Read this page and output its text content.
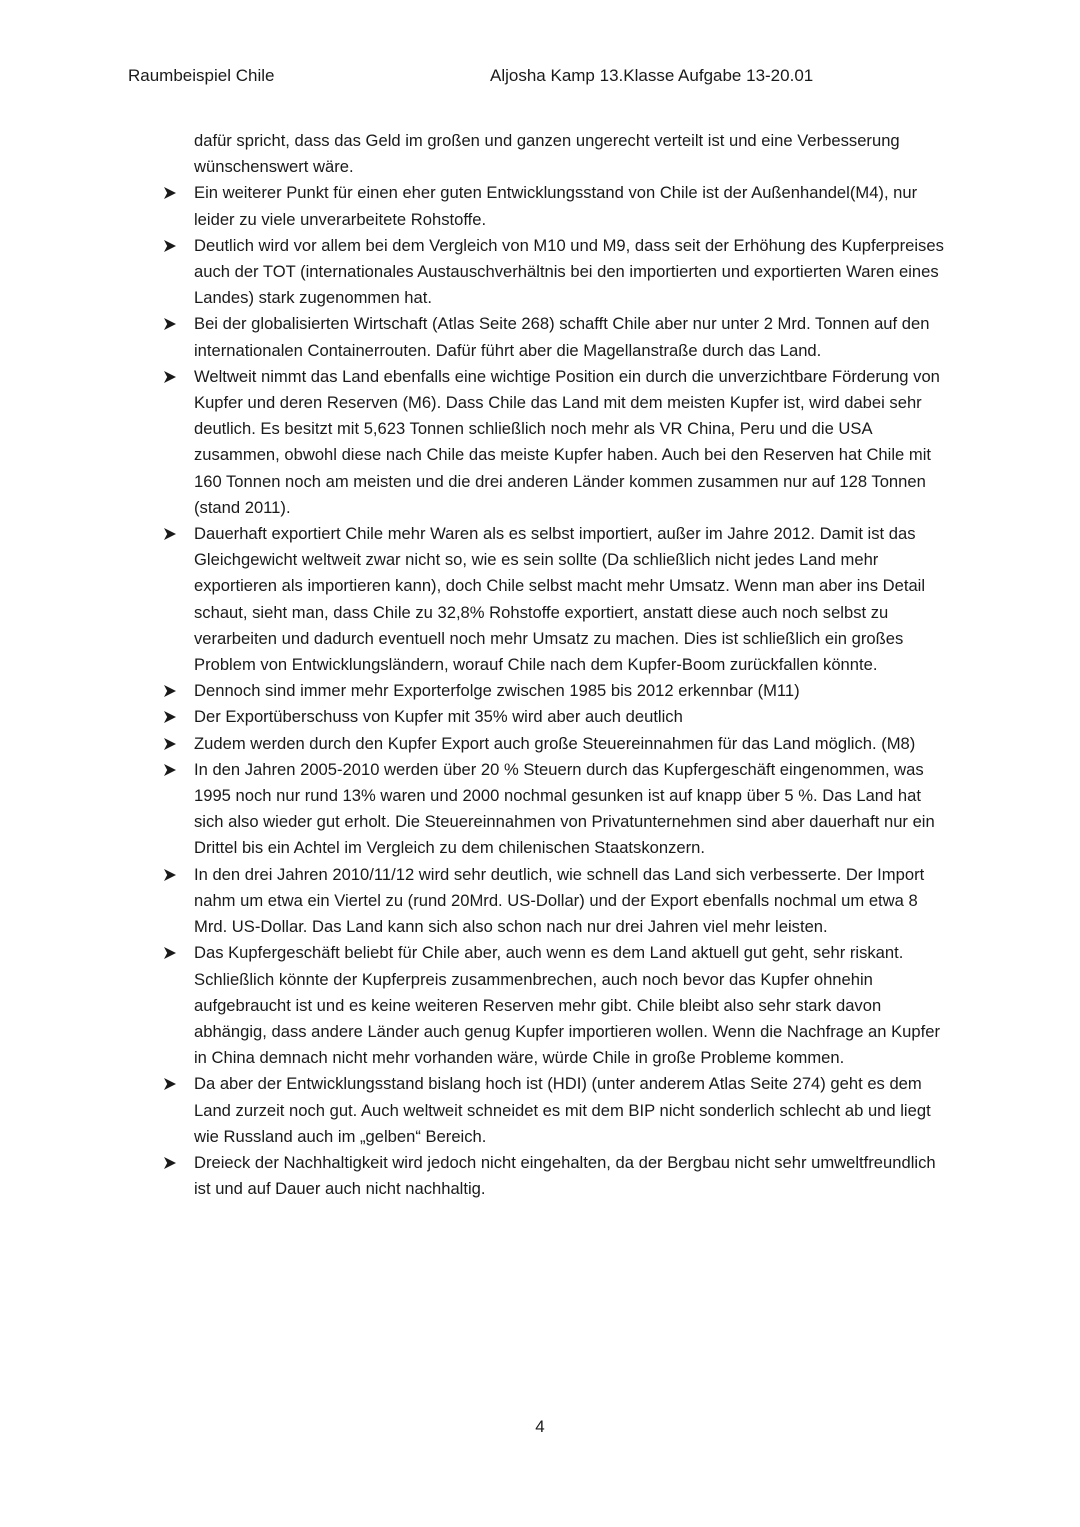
Raumbeispiel Chile	Aljosha Kamp 13.Klasse Aufgabe 13-20.01

dafür spricht, dass das Geld im großen und ganzen ungerecht verteilt ist und eine Verbesserung wünschenswert wäre.

Ein weiterer Punkt für einen eher guten Entwicklungsstand von Chile ist der Außenhandel(M4), nur leider zu viele unverarbeitete Rohstoffe.
Deutlich wird vor allem bei dem Vergleich von M10 und M9, dass seit der Erhöhung des Kupferpreises auch der TOT (internationales Austauschverhältnis bei den importierten und exportierten Waren eines Landes) stark zugenommen hat.
Bei der globalisierten Wirtschaft (Atlas Seite 268) schafft Chile aber nur unter 2 Mrd. Tonnen auf den internationalen Containerrouten. Dafür führt aber die Magellanstraße durch das Land.
Weltweit nimmt das Land ebenfalls eine wichtige Position ein durch die unverzichtbare Förderung von Kupfer und deren Reserven (M6). Dass Chile das Land mit dem meisten Kupfer ist, wird dabei sehr deutlich. Es besitzt mit 5,623 Tonnen schließlich noch mehr als VR China, Peru und die USA zusammen, obwohl diese nach Chile das meiste Kupfer haben. Auch bei den Reserven hat Chile mit 160 Tonnen noch am meisten und die drei anderen Länder kommen zusammen nur auf 128 Tonnen (stand 2011).
Dauerhaft exportiert Chile mehr Waren als es selbst importiert, außer im Jahre 2012. Damit ist das Gleichgewicht weltweit zwar nicht so, wie es sein sollte (Da schließlich nicht jedes Land mehr exportieren als importieren kann), doch Chile selbst macht mehr Umsatz. Wenn man aber ins Detail schaut, sieht man, dass Chile zu 32,8% Rohstoffe exportiert, anstatt diese auch noch selbst zu verarbeiten und dadurch eventuell noch mehr Umsatz zu machen. Dies ist schließlich ein großes Problem von Entwicklungsländern, worauf Chile nach dem Kupfer-Boom zurückfallen könnte.
Dennoch sind immer mehr Exporterfolge zwischen 1985 bis 2012 erkennbar (M11)
Der Exportüberschuss von Kupfer mit 35% wird aber auch deutlich
Zudem werden durch den Kupfer Export auch große Steuereinnahmen für das Land möglich. (M8)
In den Jahren 2005-2010 werden über 20 % Steuern durch das Kupfergeschäft eingenommen, was 1995 noch nur rund 13% waren und 2000 nochmal gesunken ist auf knapp über 5 %. Das Land hat sich also wieder gut erholt. Die Steuereinnahmen von Privatunternehmen sind aber dauerhaft nur ein Drittel bis ein Achtel im Vergleich zu dem chilenischen Staatskonzern.
In den drei Jahren 2010/11/12 wird sehr deutlich, wie schnell das Land sich verbesserte. Der Import nahm um etwa ein Viertel zu (rund 20Mrd. US-Dollar) und der Export ebenfalls nochmal um etwa 8 Mrd. US-Dollar. Das Land kann sich also schon nach nur drei Jahren viel mehr leisten.
Das Kupfergeschäft beliebt für Chile aber, auch wenn es dem Land aktuell gut geht, sehr riskant. Schließlich könnte der Kupferpreis zusammenbrechen, auch noch bevor das Kupfer ohnehin aufgebraucht ist und es keine weiteren Reserven mehr gibt. Chile bleibt also sehr stark davon abhängig, dass andere Länder auch genug Kupfer importieren wollen. Wenn die Nachfrage an Kupfer in China demnach nicht mehr vorhanden wäre, würde Chile in große Probleme kommen.
Da aber der Entwicklungsstand bislang hoch ist (HDI) (unter anderem Atlas Seite 274) geht es dem Land zurzeit noch gut. Auch weltweit schneidet es mit dem BIP nicht sonderlich schlecht ab und liegt wie Russland auch im „gelben“ Bereich.
Dreieck der Nachhaltigkeit wird jedoch nicht eingehalten, da der Bergbau nicht sehr umweltfreundlich ist und auf Dauer auch nicht nachhaltig.
4
